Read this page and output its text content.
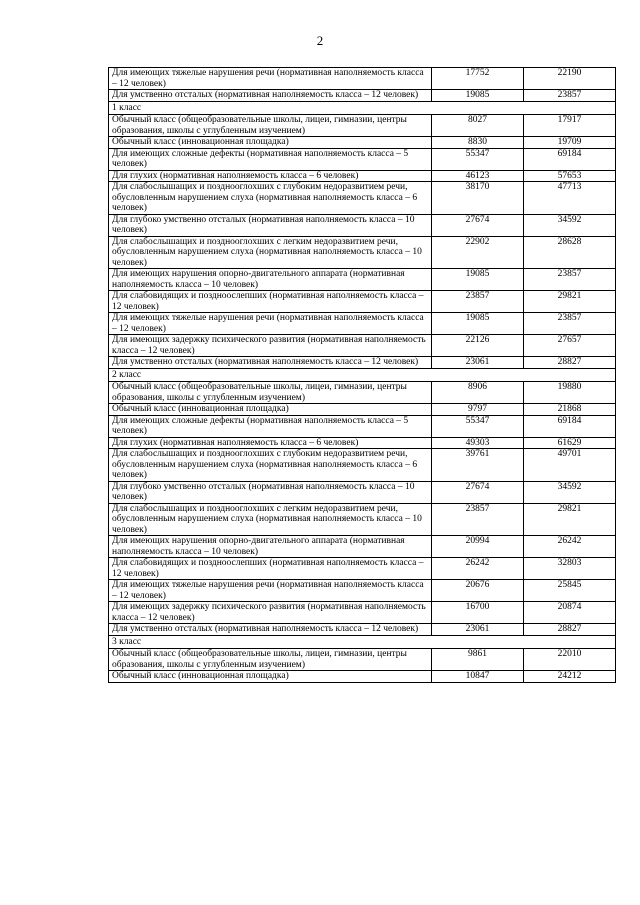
2
Для имеющих тяжелые нарушения речи (нормативная наполняемость класса – 12 человек)	17752	22190
Для умственно отсталых (нормативная наполняемость класса – 12 человек)	19085	23857
1 класс		
Обычный класс (общеобразовательные школы, лицеи, гимназии, центры образования, школы с углубленным изучением)	8027	17917
Обычный класс (инновационная площадка)	8830	19709
Для имеющих сложные дефекты (нормативная наполняемость класса – 5 человек)	55347	69184
Для глухих (нормативная наполняемость класса – 6 человек)	46123	57653
Для слабослышащих и позднооглохших с глубоким недоразвитием речи, обусловленным нарушением слуха (нормативная наполняемость класса – 6 человек)	38170	47713
Для глубоко умственно отсталых (нормативная наполняемость класса – 10 человек)	27674	34592
Для слабослышащих и позднооглохших с легким недоразвитием речи, обусловленным нарушением слуха (нормативная наполняемость класса – 10 человек)	22902	28628
Для имеющих нарушения опорно-двигательного аппарата (нормативная наполняемость класса – 10 человек)	19085	23857
Для слабовидящих и поздноослепших (нормативная наполняемость класса – 12 человек)	23857	29821
Для имеющих тяжелые нарушения речи (нормативная наполняемость класса – 12 человек)	19085	23857
Для имеющих задержку психического развития (нормативная наполняемость класса – 12 человек)	22126	27657
Для умственно отсталых (нормативная наполняемость класса – 12 человек)	23061	28827
2 класс		
Обычный класс (общеобразовательные школы, лицеи, гимназии, центры образования, школы с углубленным изучением)	8906	19880
Обычный класс (инновационная площадка)	9797	21868
Для имеющих сложные дефекты (нормативная наполняемость класса – 5 человек)	55347	69184
Для глухих (нормативная наполняемость класса – 6 человек)	49303	61629
Для слабослышащих и позднооглохших с глубоким недоразвитием речи, обусловленным нарушением слуха (нормативная наполняемость класса – 6 человек)	39761	49701
Для глубоко умственно отсталых (нормативная наполняемость класса – 10 человек)	27674	34592
Для слабослышащих и позднооглохших с легким недоразвитием речи, обусловленным нарушением слуха (нормативная наполняемость класса – 10 человек)	23857	29821
Для имеющих нарушения опорно-двигательного аппарата (нормативная наполняемость класса – 10 человек)	20994	26242
Для слабовидящих и поздноослепших (нормативная наполняемость класса – 12 человек)	26242	32803
Для имеющих тяжелые нарушения речи (нормативная наполняемость класса – 12 человек)	20676	25845
Для имеющих задержку психического развития (нормативная наполняемость класса – 12 человек)	16700	20874
Для умственно отсталых (нормативная наполняемость класса – 12 человек)	23061	28827
3 класс		
Обычный класс (общеобразовательные школы, лицеи, гимназии, центры образования, школы с углубленным изучением)	9861	22010
Обычный класс (инновационная площадка)	10847	24212
